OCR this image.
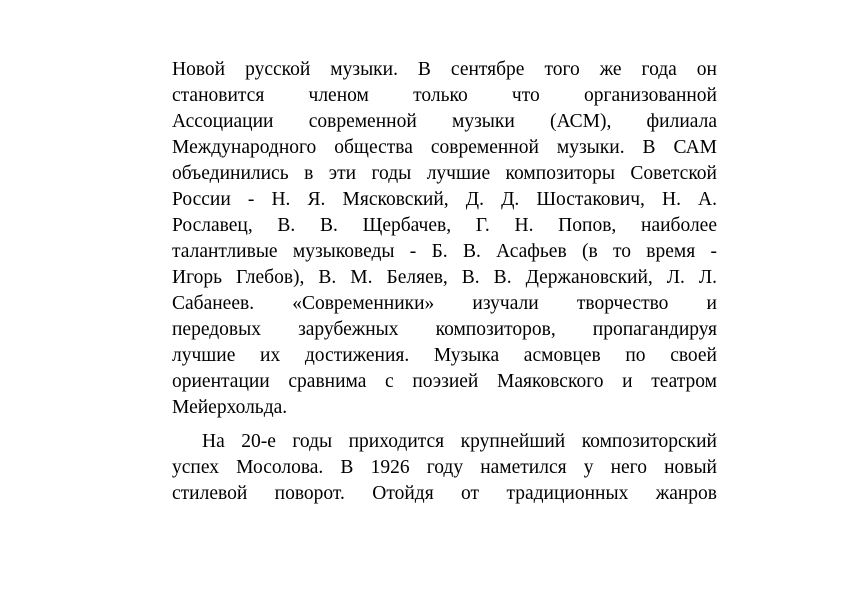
Новой русской музыки. В сентябре того же года он
становится членом только что организованной
Ассоциации современной музыки (АСМ), филиала
Международного общества современной музыки. В САМ
объединились в эти годы лучшие композиторы Советской
России - Н. Я. Мясковский, Д. Д. Шостакович, Н. А.
Рославец, В. В. Щербачев, Г. Н. Попов, наиболее
талантливые музыковеды - Б. В. Асафьев (в то время -
Игорь Глебов), В. М. Беляев, В. В. Держановский, Л. Л.
Сабанеев. «Современники» изучали творчество и
передовых зарубежных композиторов, пропагандируя
лучшие их достижения. Музыка асмовцев по своей
ориентации сравнима с поэзией Маяковского и театром
Мейерхольда.

На 20-е годы приходится крупнейший композиторский
успех Мосолова. В 1926 году наметился у него новый
стилевой поворот. Отойдя от традиционных жанров
